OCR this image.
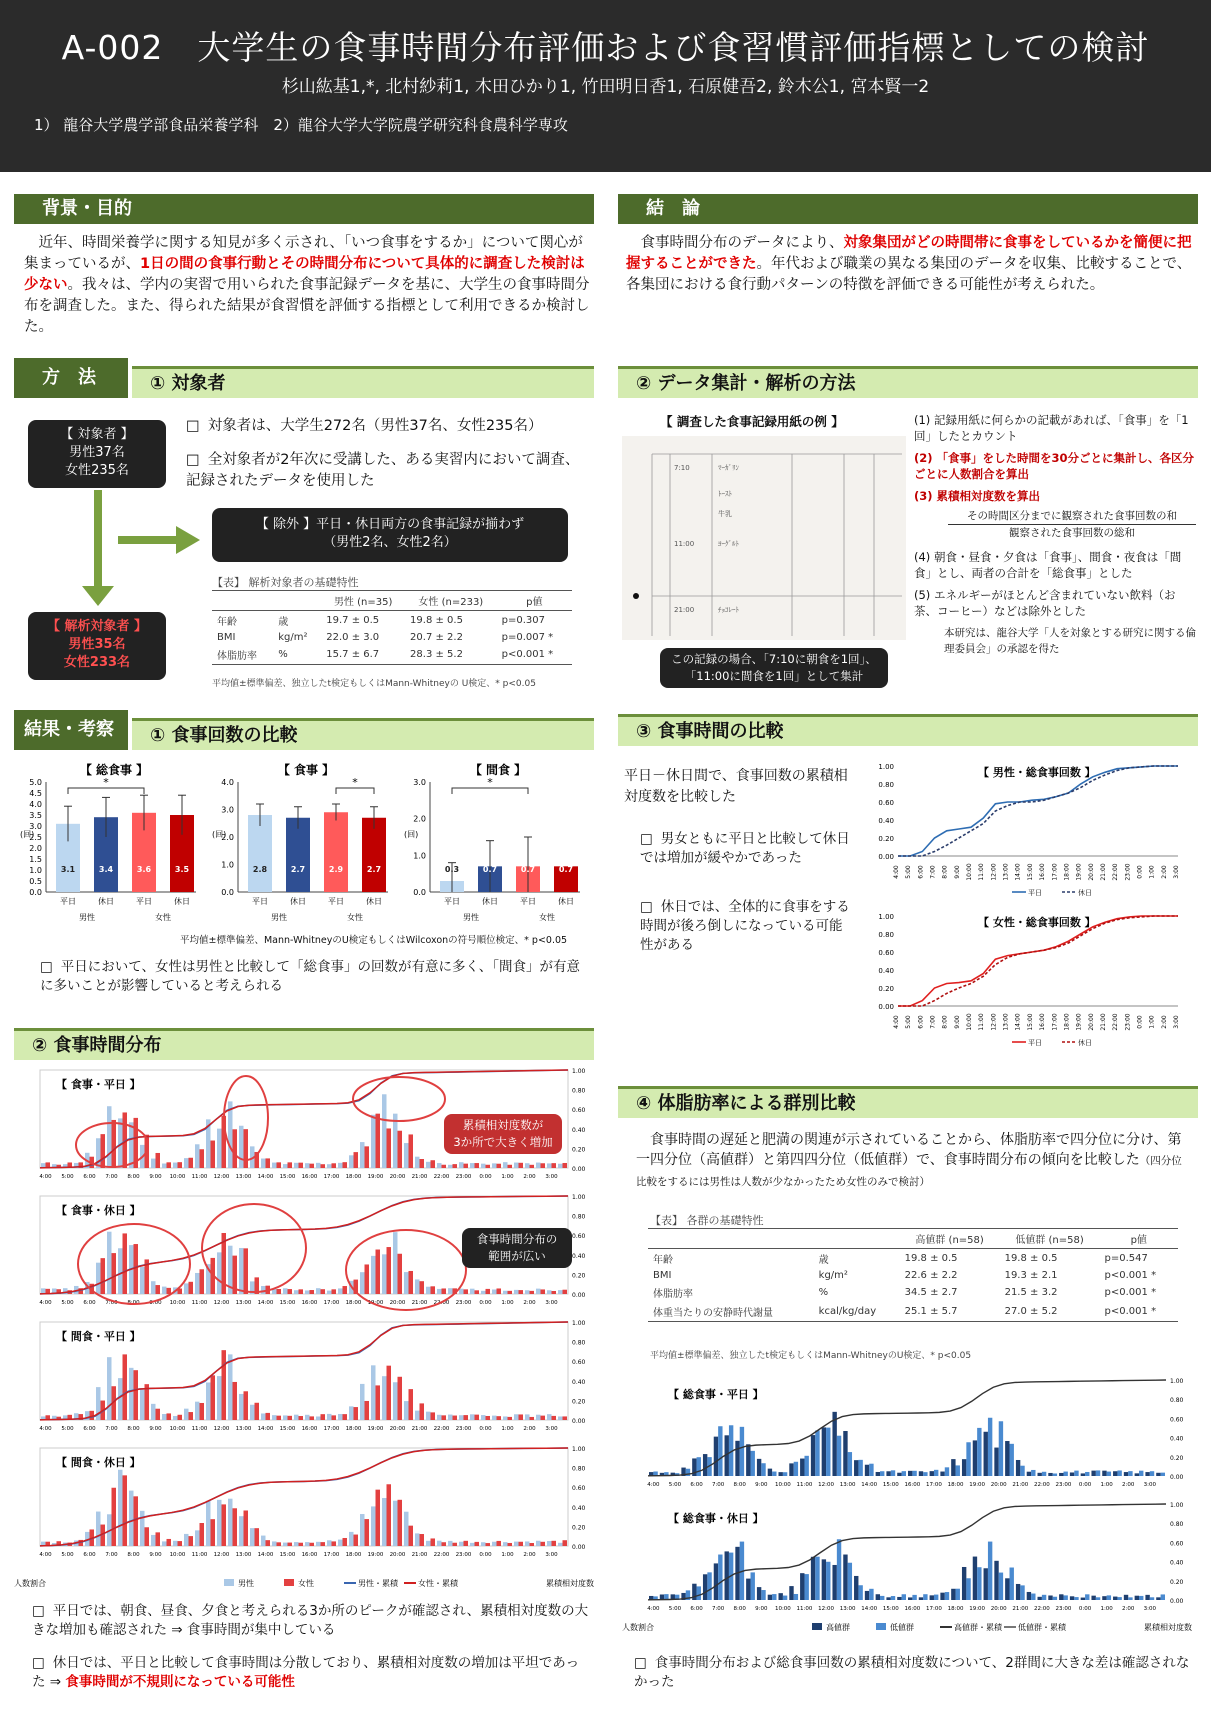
A-002　大学生の食事時間分布評価および食習慣評価指標としての検討
杉山紘基1,*, 北村紗莉1, 木田ひかり1, 竹田明日香1, 石原健吾2, 鈴木公1, 宮本賢一2
1） 龍谷大学農学部食品栄養学科　2）龍谷大学大学院農学研究科食農科学専攻
背景・目的
近年、時間栄養学に関する知見が多く示され、「いつ食事をするか」について関心が集まっているが、1日の間の食事行動とその時間分布について具体的に調査した検討は少ない。我々は、学内の実習で用いられた食事記録データを基に、大学生の食事時間分布を調査した。また、得られた結果が食習慣を評価する指標として利用できるか検討した。
結　論
食事時間分布のデータにより、対象集団がどの時間帯に食事をしているかを簡便に把握することができた。年代および職業の異なる集団のデータを収集、比較することで、各集団における食行動パターンの特徴を評価できる可能性が考えられた。
方　法	① 対象者
【 対象者 】
男性37名
女性235名
【 解析対象者 】
男性35名
女性233名
□ 対象者は、大学生272名（男性37名、女性235名）
□ 全対象者が2年次に受講した、ある実習内において調査、記録されたデータを使用した
【 除外 】平日・休日両方の食事記録が揃わず
（男性2名、女性2名）
【表】 解析対象者の基礎特性
		男性 (n=35)	女性 (n=233)	p値
年齢	歳	19.7 ± 0.5	19.8 ± 0.5	p=0.307
BMI	kg/m²	22.0 ± 3.0	20.7 ± 2.2	p=0.007 *
体脂肪率	%	15.7 ± 6.7	28.3 ± 5.2	p<0.001 *
平均値±標準偏差、独立したt検定もしくはMann-Whitneyの U検定、* p<0.05
② データ集計・解析の方法
【 調査した食事記録用紙の例 】
7:10	ﾏｰｶﾞﾘﾝ
ﾄｰｽﾄ
牛乳
11:00	ﾖｰｸﾞﾙﾄ
21:00	ﾁｮｺﾚｰﾄ
この記録の場合、「7:10に朝食を1回」、
「11:00に間食を1回」として集計
(1) 記録用紙に何らかの記載があれば、「食事」を「1回」したとカウント
(2) 「食事」をした時間を30分ごとに集計し、各区分ごとに人数割合を算出
(3) 累積相対度数を算出
その時間区分までに観察された食事回数の和
観察された食事回数の総和
(4) 朝食・昼食・夕食は「食事」、間食・夜食は「間食」とし、両者の合計を「総食事」とした
(5) エネルギーがほとんど含まれていない飲料（お茶、コーヒー）などは除外とした
本研究は、龍谷大学「人を対象とする研究に関する倫理委員会」の承認を得た
結果・考察	① 食事回数の比較
【 総食事 】
0.0
0.5
1.0
1.5
2.0
2.5
3.0
3.5
4.0
4.5
5.0
(回)
3.1
平日
3.4
休日
3.6
平日
3.5
休日
男性	女性
*
【 食事 】
0.0
1.0
2.0
3.0
4.0
(回)
2.8
平日
2.7
休日
2.9
平日
2.7
休日
男性	女性
*
【 間食 】
0.0
1.0
2.0
3.0
(回)
0.3
平日
0.7
休日
0.7
平日
0.7
休日
男性	女性
*
平均値±標準偏差、Mann-WhitneyのU検定もしくはWilcoxonの符号順位検定、* p<0.05
□ 平日において、女性は男性と比較して「総食事」の回数が有意に多く、「間食」が有意に多いことが影響していると考えられる
② 食事時間分布
【 食事・平日 】
4:00 5:00 6:00 7:00 8:00 9:00 10:00 11:00 12:00 13:00 14:00 15:00 16:00 17:00 18:00 19:00 20:00 21:00 22:00 23:00 0:00 1:00 2:00 3:00
0.00
0.20
0.40
0.60
0.80
1.00
【 食事・休日 】
4:00 5:00 6:00 7:00 8:00 9:00 10:00 11:00 12:00 13:00 14:00 15:00 16:00 17:00 18:00 19:00 20:00 21:00 22:00 23:00 0:00 1:00 2:00 3:00
0.00
0.20
0.40
0.60
0.80
1.00
【 間食・平日 】
4:00 5:00 6:00 7:00 8:00 9:00 10:00 11:00 12:00 13:00 14:00 15:00 16:00 17:00 18:00 19:00 20:00 21:00 22:00 23:00 0:00 1:00 2:00 3:00
0.00
0.20
0.40
0.60
0.80
1.00
【 間食・休日 】
4:00 5:00 6:00 7:00 8:00 9:00 10:00 11:00 12:00 13:00 14:00 15:00 16:00 17:00 18:00 19:00 20:00 21:00 22:00 23:00 0:00 1:00 2:00 3:00
0.00
0.20
0.40
0.60
0.80
1.00
人数割合	累積相対度数
男性	女性	男性・累積	女性・累積
累積相対度数が
3か所で大きく増加
食事時間分布の
範囲が広い
□ 平日では、朝食、昼食、夕食と考えられる3か所のピークが確認され、累積相対度数の大きな増加も確認された ⇒ 食事時間が集中している
□ 休日では、平日と比較して食事時間は分散しており、累積相対度数の増加は平坦であった ⇒ 食事時間が不規則になっている可能性
③ 食事時間の比較
平日－休日間で、食事回数の累積相対度数を比較した
□ 男女ともに平日と比較して休日では増加が緩やかであった
□ 休日では、全体的に食事をする時間が後ろ倒しになっている可能性がある
【 男性・総食事回数 】
0.00
0.20
0.40
0.60
0.80
1.00
4:00 5:00 6:00 7:00 8:00 9:00 10:00 11:00 12:00 13:00 14:00 15:00 16:00 17:00 18:00 19:00 20:00 21:00 22:00 23:00 0:00 1:00 2:00 3:00
平日	休日
【 女性・総食事回数 】
0.00
0.20
0.40
0.60
0.80
1.00
4:00 5:00 6:00 7:00 8:00 9:00 10:00 11:00 12:00 13:00 14:00 15:00 16:00 17:00 18:00 19:00 20:00 21:00 22:00 23:00 0:00 1:00 2:00 3:00
平日	休日
④ 体脂肪率による群別比較
食事時間の遅延と肥満の関連が示されていることから、体脂肪率で四分位に分け、第一四分位（高値群）と第四四分位（低値群）で、食事時間分布の傾向を比較した（四分位比較をするには男性は人数が少なかったため女性のみで検討）
【表】 各群の基礎特性
		高値群 (n=58)	低値群 (n=58)	p値
年齢	歳	19.8 ± 0.5	19.8 ± 0.5	p=0.547
BMI	kg/m²	22.6 ± 2.2	19.3 ± 2.1	p<0.001 *
体脂肪率	%	34.5 ± 2.7	21.5 ± 3.2	p<0.001 *
体重当たりの安静時代謝量	kcal/kg/day	25.1 ± 5.7	27.0 ± 5.2	p<0.001 *
平均値±標準偏差、独立したt検定もしくはMann-WhitneyのU検定、* p<0.05
【 総食事・平日 】
4:00 5:00 6:00 7:00 8:00 9:00 10:00 11:00 12:00 13:00 14:00 15:00 16:00 17:00 18:00 19:00 20:00 21:00 22:00 23:00 0:00 1:00 2:00 3:00
0.00
0.20
0.40
0.60
0.80
1.00
【 総食事・休日 】
4:00 5:00 6:00 7:00 8:00 9:00 10:00 11:00 12:00 13:00 14:00 15:00 16:00 17:00 18:00 19:00 20:00 21:00 22:00 23:00 0:00 1:00 2:00 3:00
0.00
0.20
0.40
0.60
0.80
1.00
人数割合	累積相対度数
高値群	低値群	高値群・累積 低値群・累積
□ 食事時間分布および総食事回数の累積相対度数について、2群間に大きな差は確認されなかった
